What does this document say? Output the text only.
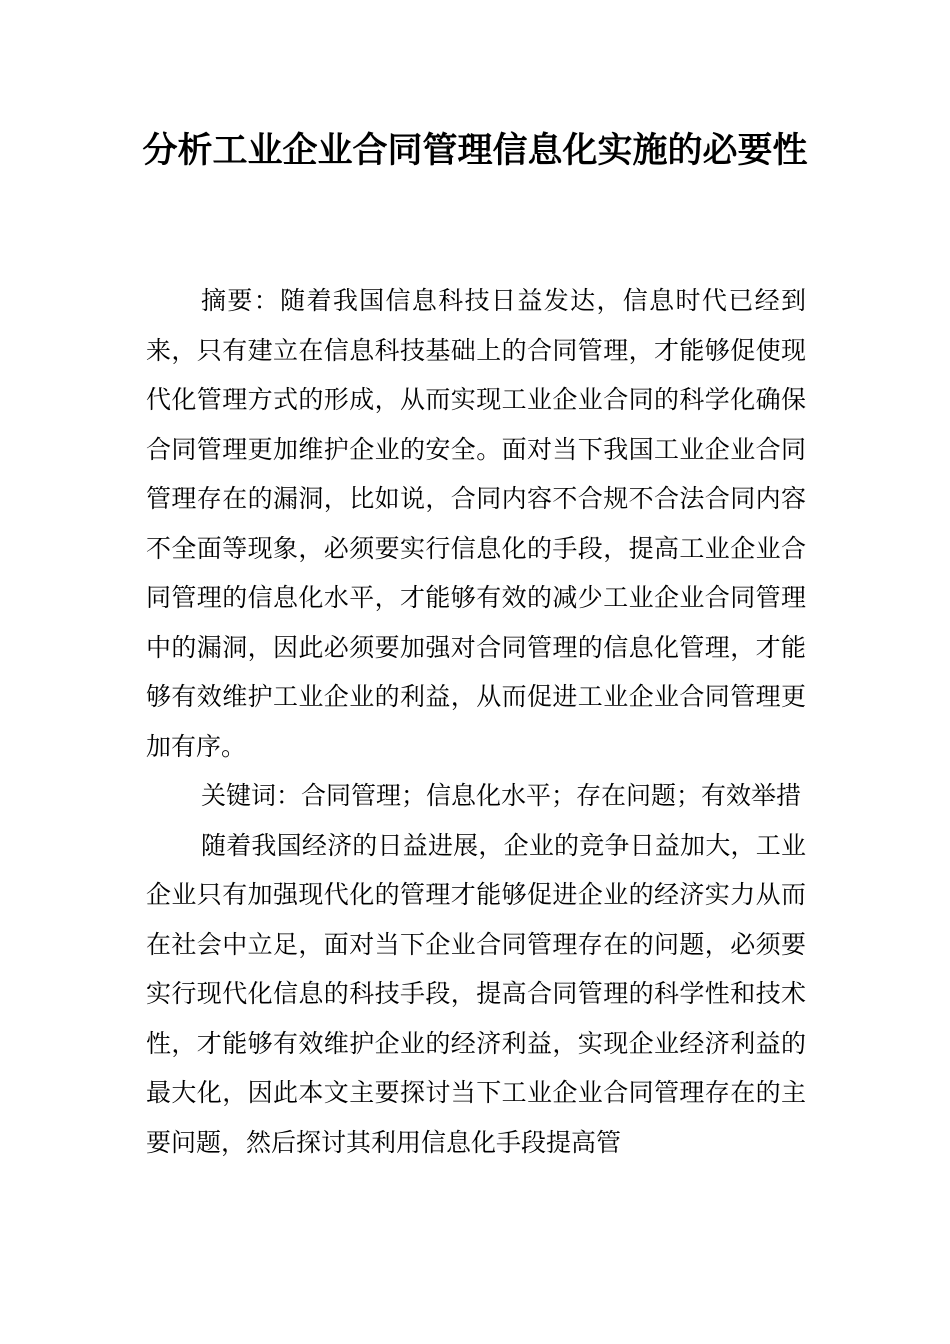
分析工业企业合同管理信息化实施的必要性

摘要：随着我国信息科技日益发达，信息时代已经到来，只有建立在信息科技基础上的合同管理，才能够促使现代化管理方式的形成，从而实现工业企业合同的科学化确保合同管理更加维护企业的安全。面对当下我国工业企业合同管理存在的漏洞，比如说，合同内容不合规不合法合同内容不全面等现象，必须要实行信息化的手段，提高工业企业合同管理的信息化水平，才能够有效的减少工业企业合同管理中的漏洞，因此必须要加强对合同管理的信息化管理，才能够有效维护工业企业的利益，从而促进工业企业合同管理更加有序。

关键词：合同管理；信息化水平；存在问题；有效举措

随着我国经济的日益进展，企业的竞争日益加大，工业企业只有加强现代化的管理才能够促进企业的经济实力从而在社会中立足，面对当下企业合同管理存在的问题，必须要实行现代化信息的科技手段，提高合同管理的科学性和技术性，才能够有效维护企业的经济利益，实现企业经济利益的最大化，因此本文主要探讨当下工业企业合同管理存在的主要问题，然后探讨其利用信息化手段提高管
